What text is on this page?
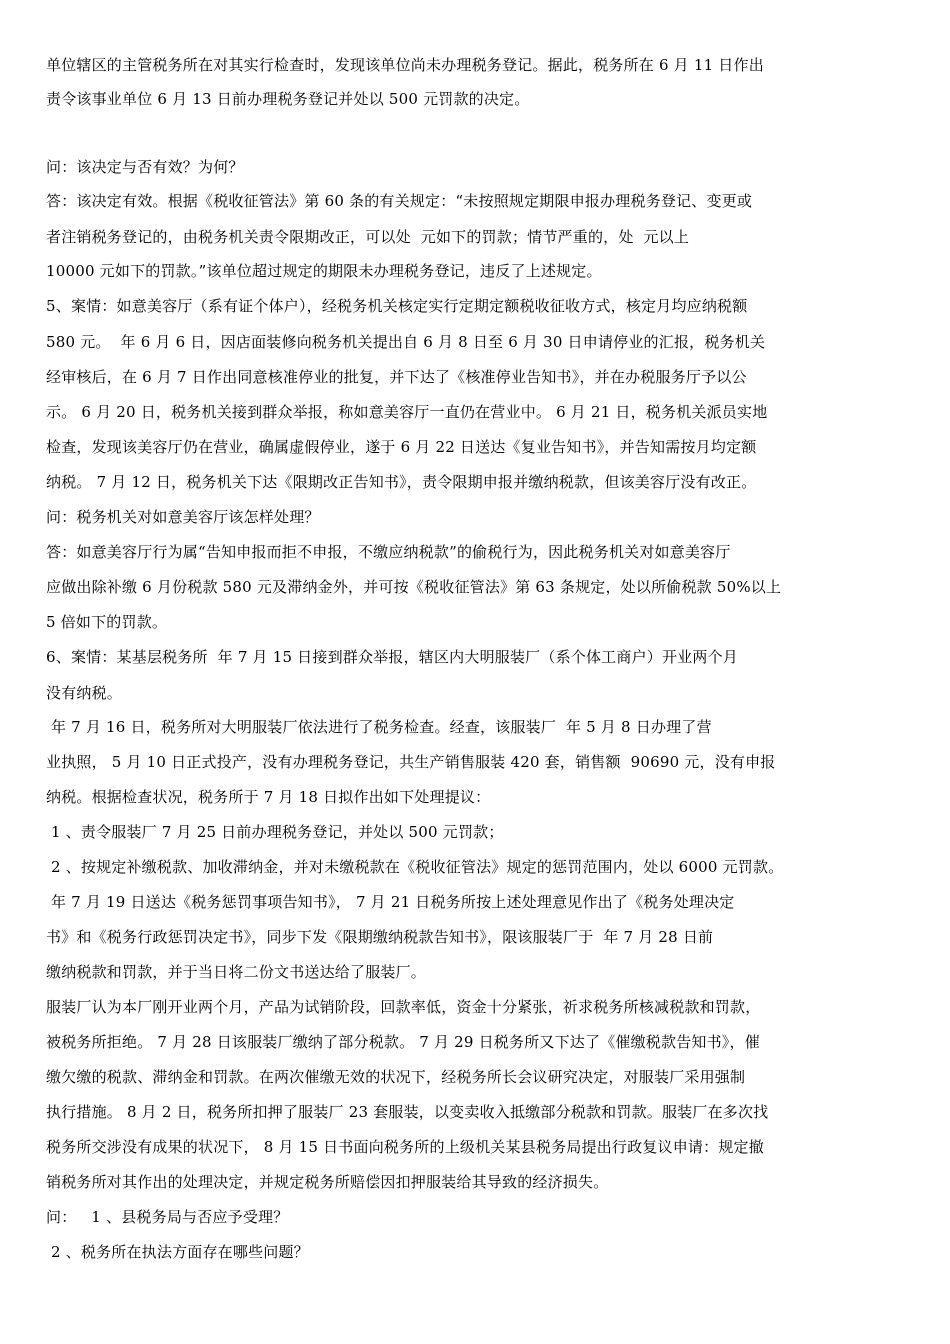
单位辖区的主管税务所在对其实行检查时，发现该单位尚未办理税务登记。据此，税务所在 6 月 11 日作出
责令该事业单位 6 月 13 日前办理税务登记并处以 500 元罚款的决定。
问：该决定与否有效？为何？
答：该决定有效。根据《税收征管法》第 60 条的有关规定：“未按照规定期限申报办理税务登记、变更或
者注销税务登记的，由税务机关责令限期改正，可以处  元如下的罚款；情节严重的，处  元以上
10000 元如下的罚款。”该单位超过规定的期限未办理税务登记，违反了上述规定。
5、案情：如意美容厅（系有证个体户），经税务机关核定实行定期定额税收征收方式，核定月均应纳税额
580 元。  年 6 月 6 日，因店面装修向税务机关提出自 6 月 8 日至 6 月 30 日申请停业的汇报，税务机关
经审核后，在 6 月 7 日作出同意核准停业的批复，并下达了《核准停业告知书》，并在办税服务厅予以公
示。 6 月 20 日，税务机关接到群众举报，称如意美容厅一直仍在营业中。 6 月 21 日，税务机关派员实地
检查，发现该美容厅仍在营业，确属虚假停业，遂于 6 月 22 日送达《复业告知书》，并告知需按月均定额
纳税。 7 月 12 日，税务机关下达《限期改正告知书》，责令限期申报并缴纳税款，但该美容厅没有改正。
问：税务机关对如意美容厅该怎样处理？
答：如意美容厅行为属“告知申报而拒不申报，不缴应纳税款”的偷税行为，因此税务机关对如意美容厅
应做出除补缴 6 月份税款 580 元及滞纳金外，并可按《税收征管法》第 63 条规定，处以所偷税款 50%以上
5 倍如下的罚款。
6、案情：某基层税务所  年 7 月 15 日接到群众举报，辖区内大明服装厂（系个体工商户）开业两个月
没有纳税。
年 7 月 16 日，税务所对大明服装厂依法进行了税务检查。经查，该服装厂  年 5 月 8 日办理了营
业执照， 5 月 10 日正式投产，没有办理税务登记，共生产销售服装 420 套，销售额  90690 元，没有申报
纳税。根据检查状况，税务所于 7 月 18 日拟作出如下处理提议：
1 、责令服装厂 7 月 25 日前办理税务登记，并处以 500 元罚款；
2 、按规定补缴税款、加收滞纳金，并对未缴税款在《税收征管法》规定的惩罚范围内，处以 6000 元罚款。
年 7 月 19 日送达《税务惩罚事项告知书》， 7 月 21 日税务所按上述处理意见作出了《税务处理决定
书》和《税务行政惩罚决定书》，同步下发《限期缴纳税款告知书》，限该服装厂于  年 7 月 28 日前
缴纳税款和罚款，并于当日将二份文书送达给了服装厂。
服装厂认为本厂刚开业两个月，产品为试销阶段，回款率低，资金十分紧张，祈求税务所核减税款和罚款，
被税务所拒绝。 7 月 28 日该服装厂缴纳了部分税款。 7 月 29 日税务所又下达了《催缴税款告知书》，催
缴欠缴的税款、滞纳金和罚款。在两次催缴无效的状况下，经税务所长会议研究决定，对服装厂采用强制
执行措施。 8 月 2 日，税务所扣押了服装厂 23 套服装，以变卖收入抵缴部分税款和罚款。服装厂在多次找
税务所交涉没有成果的状况下， 8 月 15 日书面向税务所的上级机关某县税务局提出行政复议申请：规定撤
销税务所对其作出的处理决定，并规定税务所赔偿因扣押服装给其导致的经济损失。
问：   1 、县税务局与否应予受理？
2 、税务所在执法方面存在哪些问题？
